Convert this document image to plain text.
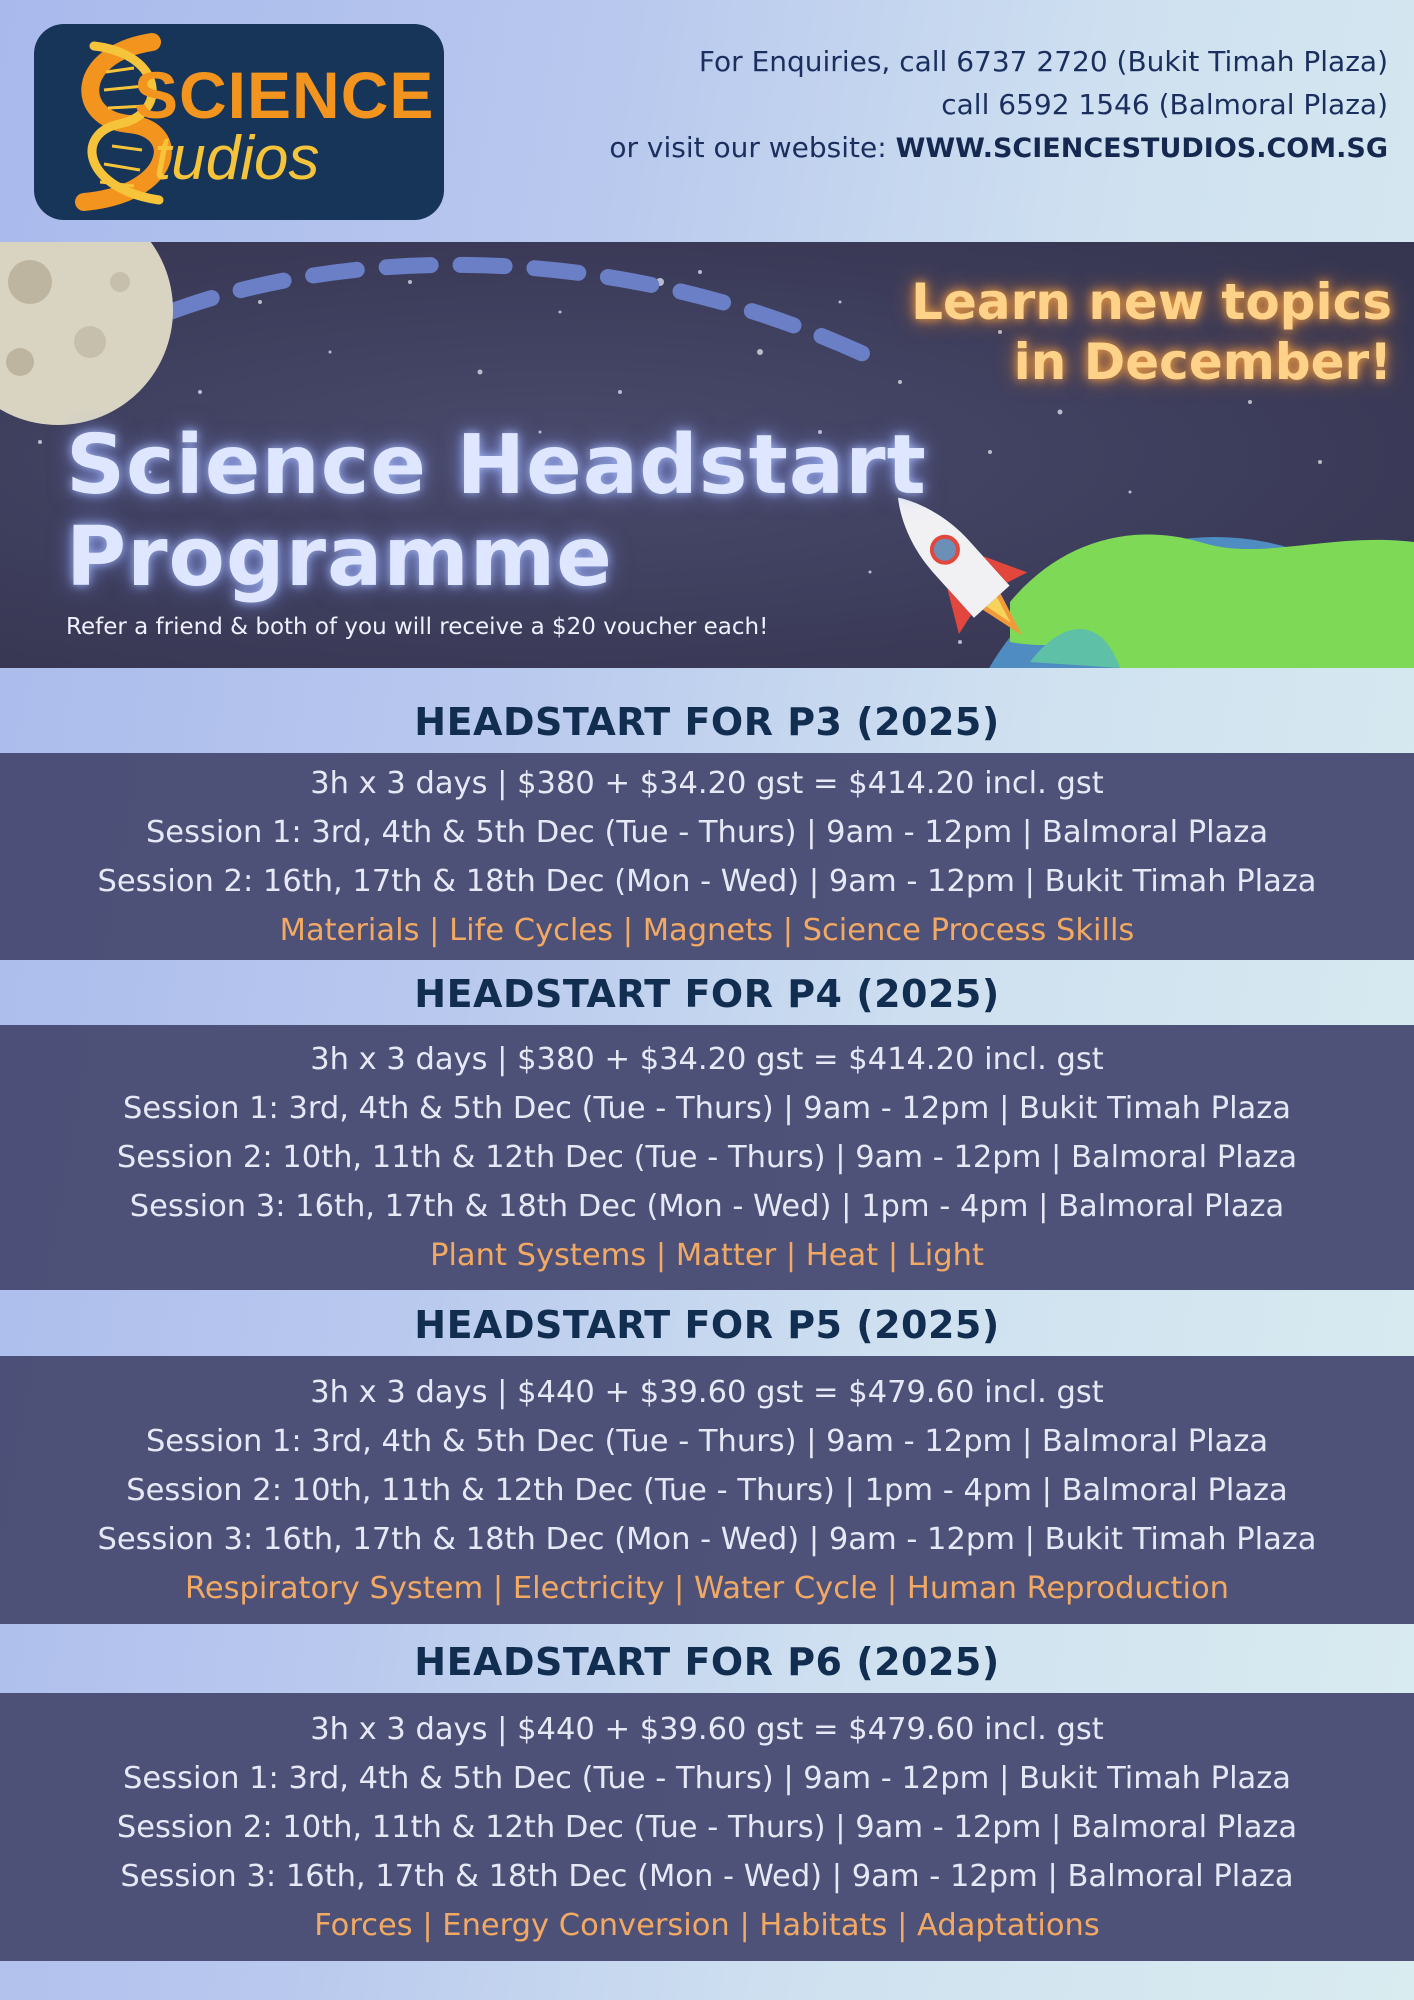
SCIENCE
tudios
For Enquiries, call 6737 2720 (Bukit Timah Plaza)
call 6592 1546 (Balmoral Plaza)
or visit our website: WWW.SCIENCESTUDIOS.COM.SG
Learn new topics
in December!
Science Headstart
Programme
Refer a friend & both of you will receive a $20 voucher each!
HEADSTART FOR P3 (2025)
3h x 3 days | $380 + $34.20 gst = $414.20 incl. gst
Session 1: 3rd, 4th & 5th Dec (Tue - Thurs) | 9am - 12pm | Balmoral Plaza
Session 2: 16th, 17th & 18th Dec (Mon - Wed) | 9am - 12pm | Bukit Timah Plaza
Materials | Life Cycles | Magnets | Science Process Skills
HEADSTART FOR P4 (2025)
3h x 3 days | $380 + $34.20 gst = $414.20 incl. gst
Session 1: 3rd, 4th & 5th Dec (Tue - Thurs) | 9am - 12pm | Bukit Timah Plaza
Session 2: 10th, 11th & 12th Dec (Tue - Thurs) | 9am - 12pm | Balmoral Plaza
Session 3: 16th, 17th & 18th Dec (Mon - Wed) | 1pm - 4pm | Balmoral Plaza
Plant Systems | Matter | Heat | Light
HEADSTART FOR P5 (2025)
3h x 3 days | $440 + $39.60 gst = $479.60 incl. gst
Session 1: 3rd, 4th & 5th Dec (Tue - Thurs) | 9am - 12pm | Balmoral Plaza
Session 2: 10th, 11th & 12th Dec (Tue - Thurs) | 1pm - 4pm | Balmoral Plaza
Session 3: 16th, 17th & 18th Dec (Mon - Wed) | 9am - 12pm | Bukit Timah Plaza
Respiratory System | Electricity | Water Cycle | Human Reproduction
HEADSTART FOR P6 (2025)
3h x 3 days | $440 + $39.60 gst = $479.60 incl. gst
Session 1: 3rd, 4th & 5th Dec (Tue - Thurs) | 9am - 12pm | Bukit Timah Plaza
Session 2: 10th, 11th & 12th Dec (Tue - Thurs) | 9am - 12pm | Balmoral Plaza
Session 3: 16th, 17th & 18th Dec (Mon - Wed) | 9am - 12pm | Balmoral Plaza
Forces | Energy Conversion | Habitats | Adaptations
